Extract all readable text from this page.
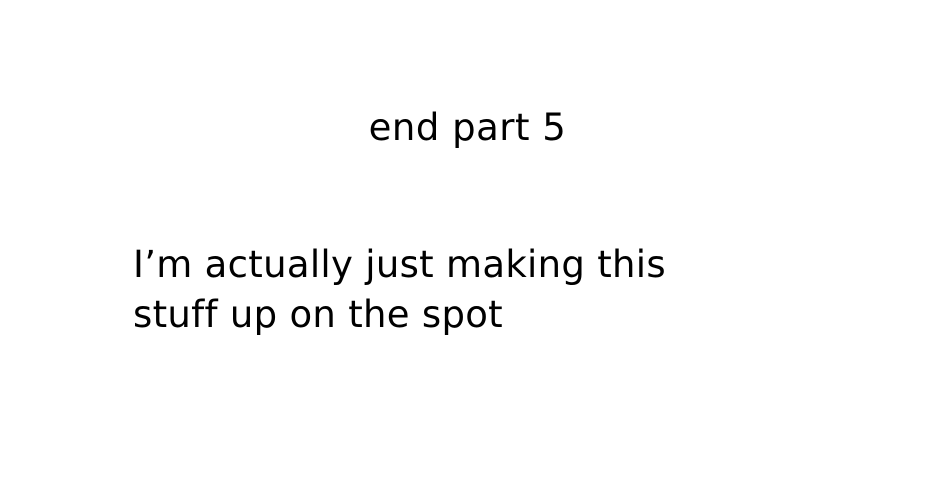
end part 5
I’m actually just making this
stuff up on the spot
